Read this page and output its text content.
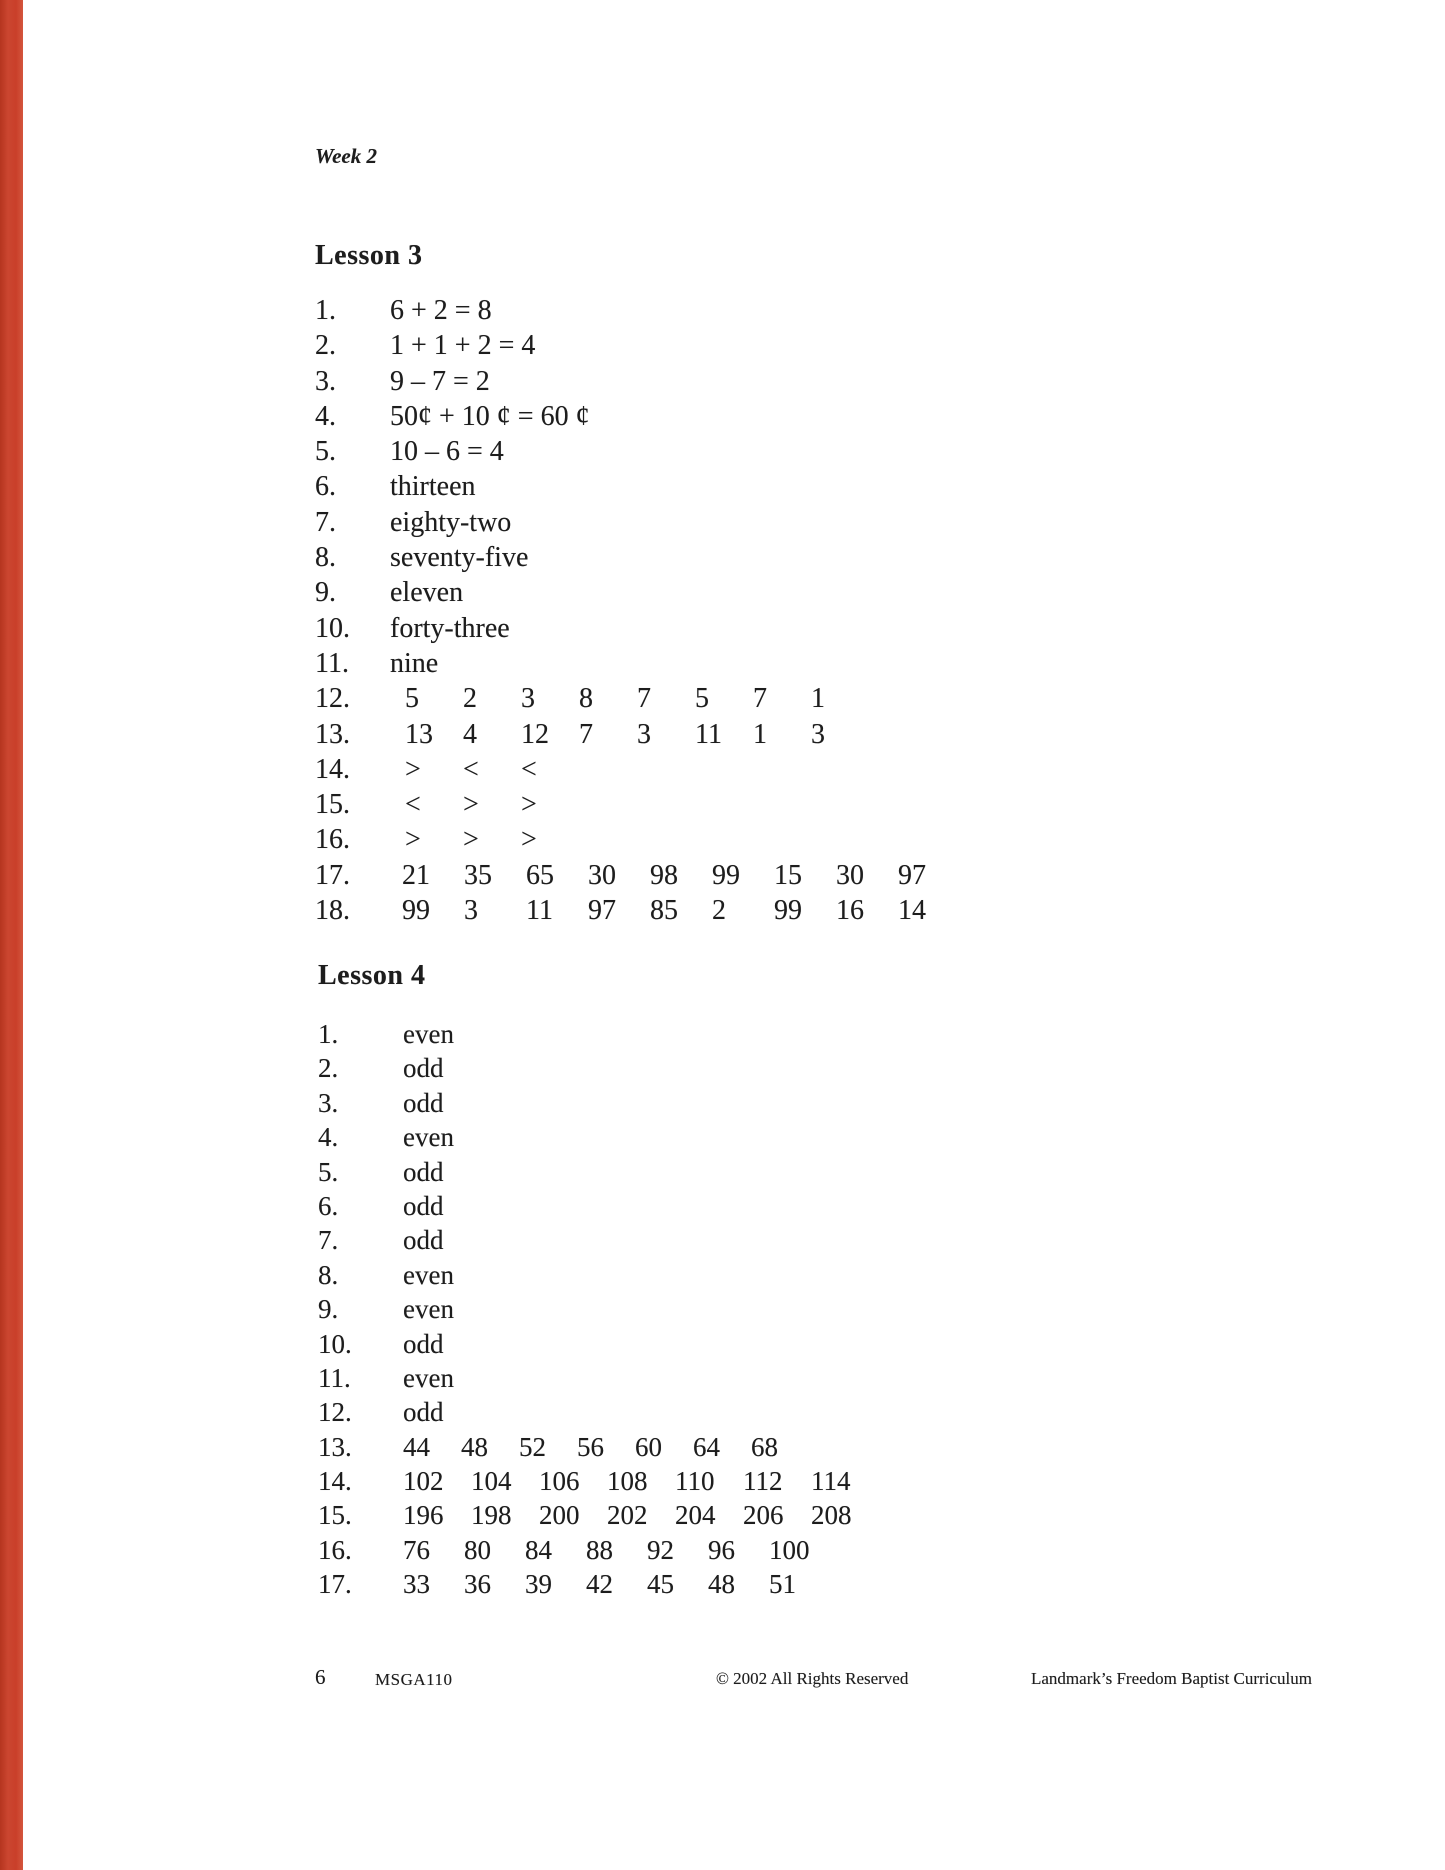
Week 2
Lesson 3
1.	6 + 2 = 8
2.	1 + 1 + 2 = 4
3.	9 – 7 = 2
4.	50¢ + 10 ¢ = 60 ¢
5.	10 – 6 = 4
6.	thirteen
7.	eighty-two
8.	seventy-five
9.	eleven
10.	forty-three
11.	nine
12.	5	2	3	8	7	5	7	1
13.	13	4	12	7	3	11	1	3
14.	>	<	<
15.	<	>	>
16.	>	>	>
17.	21	35	65	30	98	99	15	30	97
18.	99	3	11	97	85	2	99	16	14
Lesson 4
1.	even
2.	odd
3.	odd
4.	even
5.	odd
6.	odd
7.	odd
8.	even
9.	even
10.	odd
11.	even
12.	odd
13.	44	48	52	56	60	64	68
14.	102	104	106	108	110	112	114
15.	196	198	200	202	204	206	208
16.	76	80	84	88	92	96	100
17.	33	36	39	42	45	48	51
6	MSGA110	© 2002 All Rights Reserved	Landmark’s Freedom Baptist Curriculum
